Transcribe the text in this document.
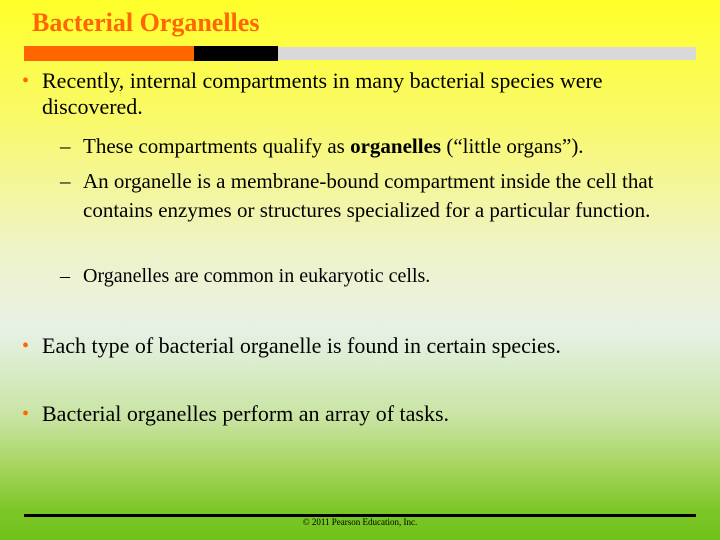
Bacterial Organelles
• Recently, internal compartments in many bacterial species were discovered.
– These compartments qualify as organelles (“little organs”).
– An organelle is a membrane-bound compartment inside the cell that contains enzymes or structures specialized for a particular function.
– Organelles are common in eukaryotic cells.
• Each type of bacterial organelle is found in certain species.
• Bacterial organelles perform an array of tasks.
© 2011 Pearson Education, Inc.
